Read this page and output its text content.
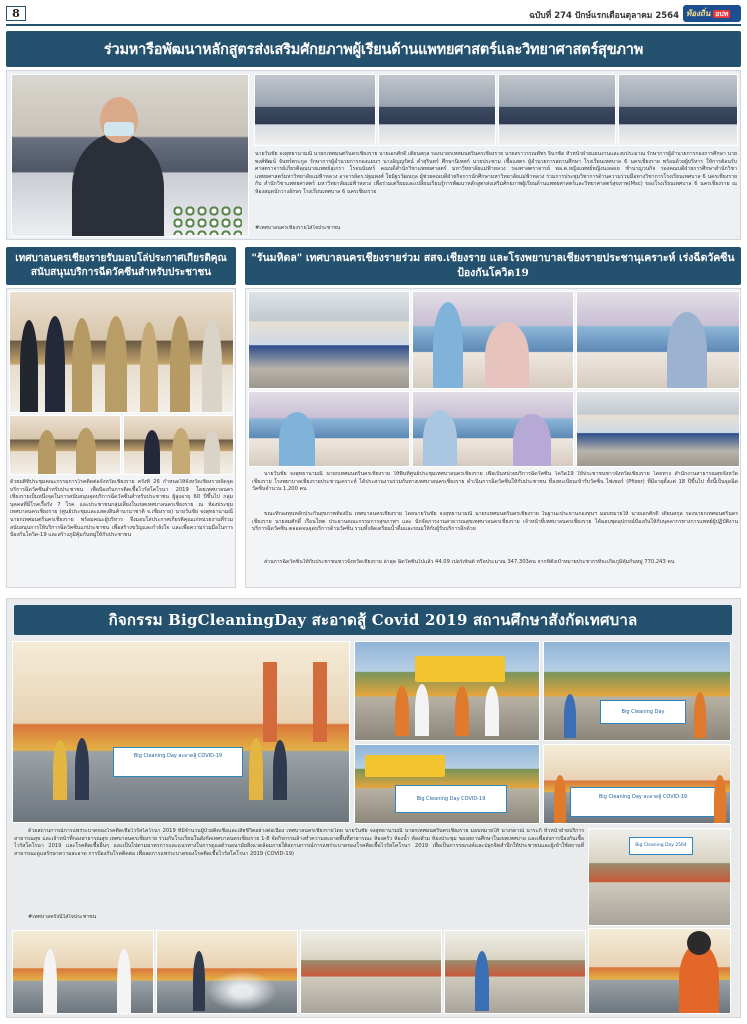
8	ฉบับที่ 274 ปักษ์แรกเดือนตุลาคม 2564 ท้องถิ่น อปท
ร่วมหารือพัฒนาหลักสูตรส่งเสริมศักยภาพผู้เรียนด้านแพทยศาสตร์และวิทยาศาสตร์สุขภาพ
นายวันชัย จงสุทธานามณี นายกเทศมนตรีนครเชียงราย นายเอกศักดิ์ เตียนสกุล รองนายกเทศมนตรีนครเชียงราย นายสราวรรณพัชร จิ๊นาซัด หัวหน้าฝ่ายแผนงานและงบประมาณ รักษาการผู้อำนวยการกองการศึกษา นายพงศ์พัฒน์ จันทร์ตระกูล รักษาการผู้อำนวยการกองแผนฯ นางอัญญรัตน์ คำสุรินทร์ ศึกษานิเทศก์ นายประชาม เชื้อแสตร ผู้อำนวยการสถานศึกษา โรงเรียนเทศบาล 6 นครเชียงราย พร้อมด้วยผู้บริหาร ให้การต้อนรับ ศาสตราจารย์เกียรติคุณนายแพทย์สุเกรา โรจนนันทร์ คณบดีสำนักวิชาแพทยศาสตร์ มหาวิทยาลัยแม่ฟ้าหลวง รองศาสตราจารย์ พล.ต.หญิงแพทย์หญิงนงลอเย ชำนาญวนกิจ รองคณบดีฝ่ายการศึกษาสำนักวิชาแพทยศาสตร์มหาวิทยาลัยแม่ฟ้าหลวง อาจารย์ดร.ปฐมพงศ์ โยมิฐรวัฒนกุล ผู้ช่วยคณบดีฝ่ายกิจการนักศึกษามหาวิทยาลัยแม่ฟ้าหลวง ร่วมการประชุมวิชาการด้านความร่วมมือทางวิชาการโรงเรียนเทศบาล 6 นครเชียงราย กับ สำนักวิชาแพทยศาสตร์ มหาวิทยาลัยแม่ฟ้าหลวง เพื่อร่วมเตรียมและเปลี่ยนเรียนรู้การพัฒนาหลักสูตรส่งเสริมศักยภาพผู้เรียนด้านแพทยศาสตร์และวิทยาศาสตร์สุขภาพ(Msc) ของโรงเรียนเทศบาล 6 นครเชียงราย ณ ห้องสมุดนักวางอักษร โรงเรียนเทศบาล 6 นครเชียงราย
#เทศบาลนครเชียงรายใส่ใจประชาชน
เทศบาลนครเชียงรายรับมอบโล่ประกาศเกียรติคุณ สนับสนุนบริการฉีดวัคซีนสำหรับประชาชน
ด้วยมติที่ประชุมคณะกรรมการโรคติดต่อจังหวัดเชียงราย ครั้งที่ 26 กำหนดให้จังหวัดเชียงรายจัดจุดบริการฉีดวัคซีนสำหรับประชาชน เพื่อป้องกันการติดเชื้อไวรัสโคโรนา 2019 โดยเทศบาลนครเชียงรายเป็นหนึ่งจุดในการสนับสนุนจุดบริการฉีดวัคซีนสำหรับประชาชน ผู้สูงอายุ 60 ปีขึ้นไป กลุ่มบุคคลที่มีโรคเรื้อรัง 7 โรค และประชาชนกลุ่มเสี่ยงในเขตเทศบาลนครเชียงราย ณ ห้องประชุมเทศบาลนครเชียงราย (ศูนย์ประชุมและแสดงสินค้านานาชาติ จ.เชียงราย) นายวันชัย จงสุทธานามณี นายกเทศมนตรีนครเชียงราย พร้อมคณะผู้บริหาร จึงมอบโล่ประกาศเกียรติคุณแก่หน่วยงานที่ร่วมสนับสนุนการให้บริการฉีดวัคซีนแก่ประชาชน เพื่อสร้างขวัญและกำลังใจ และเพื่อความร่วมมือในการป้องกันโควิด-19 และสร้างภูมิคุ้มกันหมู่ให้กับประชาชน
"รันมหิดล" เทศบาลนครเชียงรายร่วม สสจ.เชียงราย และโรงพยาบาลเชียงรายประชานุเคราะห์ เร่งฉีดวัคซีน ป้องกันโควิด19
นายวันชัย จงสุทธานามณี นายกเทศมนตรีนครเชียงราย ให้พื้นที่ศูนย์ประชุมเทศบาลนครเชียงราย เพื่อเป็นหน่วยบริการฉีดวัคซีน โควิด19 ให้ประชาชนชาวจังหวัดเชียงราย โดยทาง สำนักงานสาธารณสุขจังหวัดเชียงราย โรงพยาบาลเชียงรายประชานุเคราะห์ ได้ประสานงานร่วมกับทางเทศบาลนครเชียงราย ดำเนินการฉีดวัคซีนให้กับประชาชน ที่ลงทะเบียนเข้ารับวัคซีน ไฟเซอร์ (Pfizer) ที่มีอายุตั้งแต่ 18 ปีขึ้นไป ทั้งนี้เป็นจุดฉีดวัคซีนจำนวน 1,200 คน
ขณะที่กองทุนหลักประกันสุขภาพท้องถิ่น เทศบาลนครเชียงราย โดยนายวันชัย จงสุทธานามณี นายกเทศมนตรีนครเชียงราย ในฐานะประธานกองทุนฯ มอบหมายให้ นายเอกศักดิ์ เตียนสกุล รองนายกเทศมนตรีนครเชียงราย นายสมศักดิ์ เรือนโหต ประธานคณะกรรมการสุขภาพฯ และ นักจัดการงานสาธารณสุขเทศบาลนครเชียงราย เจ้าหน้าที่เทศบาลนครเชียงราย ได้มอบชุดอุปกรณ์ป้องกันให้กับบุคลากรทางการแพทย์ผู้ปฏิบัติงานบริการฉีดวัคซีน ตลอดจนจุดบริการด้านวัคซีน รวมทั้งจัดเตรียมน้ำดื่มและขนมให้กับผู้รับบริการอีกด้วย
ส่วนการฉีดวัคซีนให้กับประชาชนชาวจังหวัดเชียงราย ล่าสุด ฉีดวัคซีนไปแล้ว 44.09 เปอร์เซ็นต์ หรือประมาณ 347,303คน จากที่ตั้งเป้าหมายประชากรที่จะเกิดภูมิคุ้มกันหมู่ 770,243 คน
กิจกรรม BigCleaningDay สะอาดสู้ Covid 2019 สถานศึกษาสังกัดเทศบาล
Big Cleaning Day สะอาดสู้ COVID-19
Big Cleaning Day
Big Cleaning Day COVID-19	Big Cleaning Day สะอาดสู้ COVID-19
ด้วยสถานการณ์การแพร่ระบาดของโรคติดเชื้อไวรัสโคโรนา 2019 ที่มีจำนวนผู้ป่วยติดเชื้อและเสียชีวิตอย่างต่อเนื่อง เทศบาลนครเชียงรายโดย นายวันชัย จงสุทธานามณี นายกเทศมนตรีนครเชียงราย มอบหมายให้ นางรดาณ์ นาระภี หัวหน้าฝ่ายบริการสาธารณสุข และเจ้าหน้าที่กองสาธารณสุข เทศบาลนครเชียงราย ร่วมกับโรงเรียนในสังกัดเทศบาลนครเชียงราย 1-8 จัดกิจกรรมล้างทำความสะอาดพื้นที่สาธารณะ ห้องครัว ห้องน้ำ ห้องสัวม ห้องประชุม ของสถานศึกษาในเขตเทศบาล และเพื่อส่งการป้องกันเชื้อไวรัสโคโรนา 2019 และโรคติดเชื้ออื่นๆ และเป็นไปตามมาตรการและแนวทางในการดูแลด้านอนามัยสิ่งแวดล้อมภายใต้สถานการณ์การแพร่ระบาดของโรคติดเชื้อไวรัสโคโรนา 2019 เพื่อเป็นการรณรงค์และปลุกจิตสำนึกให้ประชาชนและผู้เข้าใช้สถานที่สาธารณะดูแลรักษาความสะอาด การป้องกันโรคติดต่อ เพื่อลดการแพร่ระบาดของโรคติดเชื้อไวรัสโคโรนา 2019 (COVID-19)
#เทศบาลครั้งนี้ใส่ใจประชาชน
Big Cleaning Day 2564
